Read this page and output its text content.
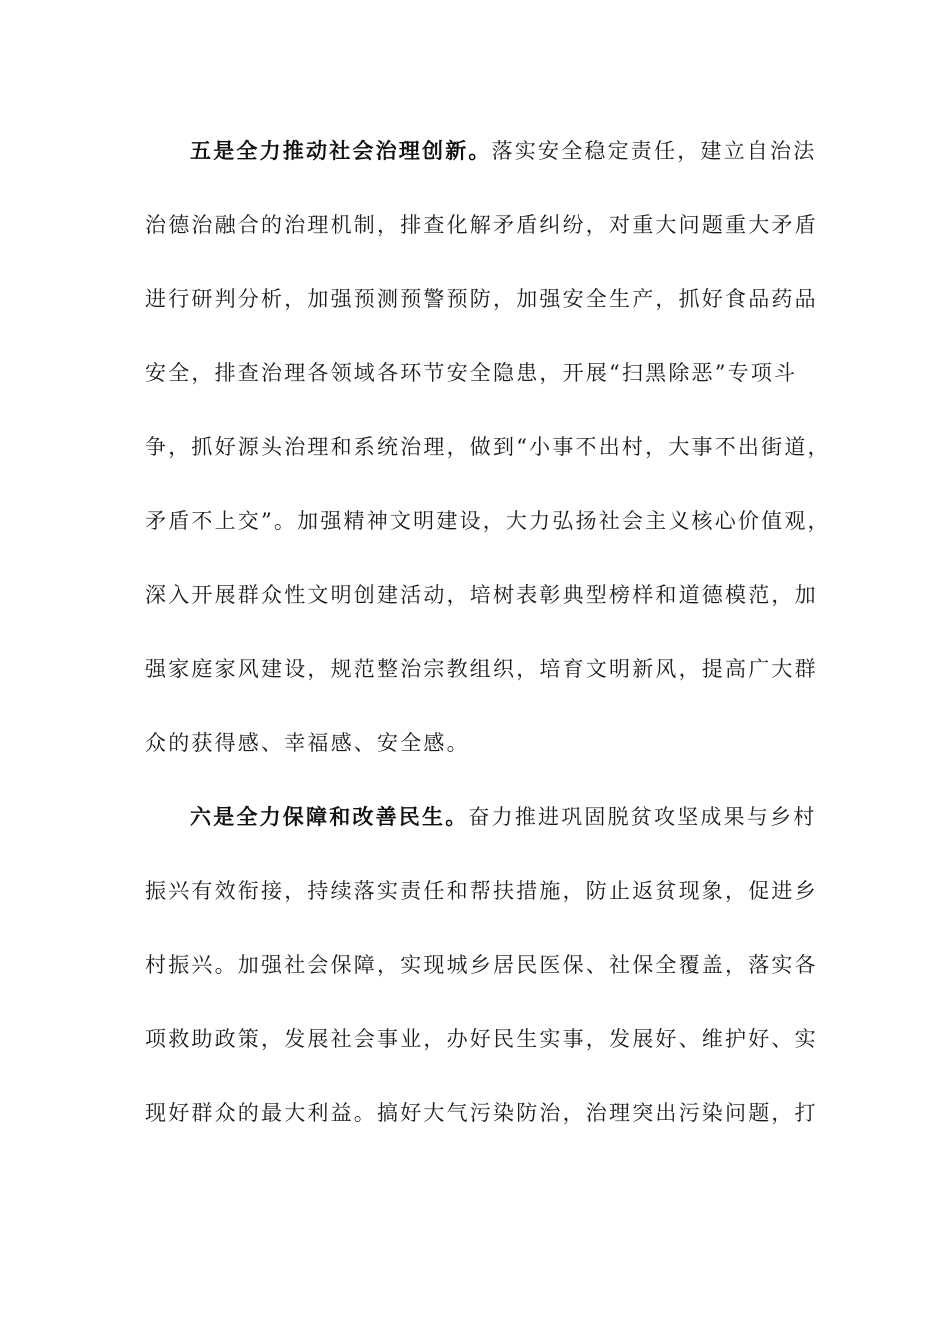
五是全力推动社会治理创新。落实安全稳定责任，建立自治法
治德治融合的治理机制，排查化解矛盾纠纷，对重大问题重大矛盾
进行研判分析，加强预测预警预防，加强安全生产，抓好食品药品
安全，排查治理各领域各环节安全隐患，开展“扫黑除恶”专项斗
争，抓好源头治理和系统治理，做到“小事不出村，大事不出街道，
矛盾不上交”。加强精神文明建设，大力弘扬社会主义核心价值观，
深入开展群众性文明创建活动，培树表彰典型榜样和道德模范，加
强家庭家风建设，规范整治宗教组织，培育文明新风，提高广大群
众的获得感、幸福感、安全感。
六是全力保障和改善民生。奋力推进巩固脱贫攻坚成果与乡村
振兴有效衔接，持续落实责任和帮扶措施，防止返贫现象，促进乡
村振兴。加强社会保障，实现城乡居民医保、社保全覆盖，落实各
项救助政策，发展社会事业，办好民生实事，发展好、维护好、实
现好群众的最大利益。搞好大气污染防治，治理突出污染问题，打
